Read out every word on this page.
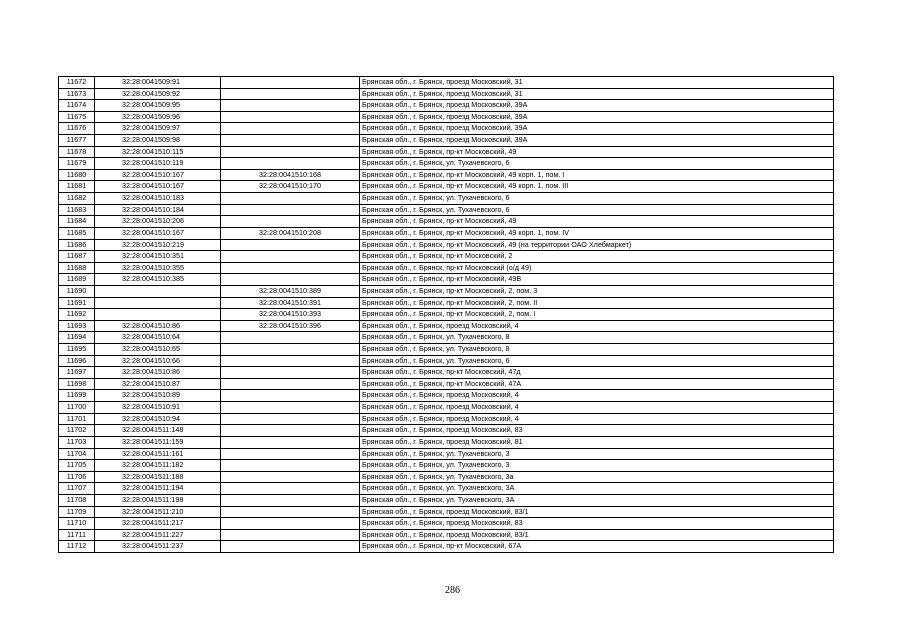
11672	32:28:0041509:91		Брянская обл., г. Брянск, проезд Московский, 31
11673	32:28:0041509:92		Брянская обл., г. Брянск, проезд Московский, 31
11674	32:28:0041509:95		Брянская обл., г. Брянск, проезд Московский, 39А
11675	32:28:0041509:96		Брянская обл., г. Брянск, проезд Московский, 39А
11676	32:28:0041509:97		Брянская обл., г. Брянск, проезд Московский, 39А
11677	32:28:0041509:98		Брянская обл., г. Брянск, проезд Московский, 39А
11678	32:28:0041510:115		Брянская обл., г. Брянск, пр-кт Московский, 49
11679	32:28:0041510:119		Брянская обл., г. Брянск, ул. Тухачевского, 6
11680	32:28:0041510:167	32:28:0041510:168	Брянская обл., г. Брянск, пр-кт Московский, 49 корп. 1, пом. I
11681	32:28:0041510:167	32:28:0041510:170	Брянская обл., г. Брянск, пр-кт Московский, 49 корп. 1, пом. III
11682	32:28:0041510:183		Брянская обл., г. Брянск, ул. Тухачевского, 6
11683	32:28:0041510:184		Брянская обл., г. Брянск, ул. Тухачевского, 6
11684	32:28:0041510:206		Брянская обл., г. Брянск, пр-кт Московский, 49
11685	32:28:0041510:167	32:28:0041510:208	Брянская обл., г. Брянск, пр-кт Московский, 49 корп. 1, пом. IV
11686	32:28:0041510:219		Брянская обл., г. Брянск, пр-кт Московский, 49 (на территории ОАО Хлебмаркет)
11687	32:28:0041510:351		Брянская обл., г. Брянск, пр-кт Московский, 2
11688	32:28:0041510:355		Брянская обл., г. Брянск, пр-кт Московский (о/д 49)
11689	32:28:0041510:385		Брянская обл., г. Брянск, пр-кт Московский, 49В
11690		32:28:0041510:389	Брянская обл., г. Брянск, пр-кт Московский, 2, пом. 3
11691		32:28:0041510:391	Брянская обл., г. Брянск, пр-кт Московский, 2, пом. II
11692		32:28:0041510:393	Брянская обл., г. Брянск, пр-кт Московский, 2, пом. I
11693	32:28:0041510:86	32:28:0041510:396	Брянская обл., г. Брянск, проезд Московский, 4
11694	32:28:0041510:64		Брянская обл., г. Брянск, ул. Тухачевского, 8
11695	32:28:0041510:65		Брянская обл., г. Брянск, ул. Тухачевского, 8
11696	32:28:0041510:66		Брянская обл., г. Брянск, ул. Тухачевского, 6
11697	32:28:0041510:86		Брянская обл., г. Брянск, пр-кт Московский, 47д
11698	32:28:0041510:87		Брянская обл., г. Брянск, пр-кт Московский, 47А
11699	32:28:0041510:89		Брянская обл., г. Брянск, проезд Московский, 4
11700	32:28:0041510:91		Брянская обл., г. Брянск, проезд Московский, 4
11701	32:28:0041510:94		Брянская обл., г. Брянск, проезд Московский, 4
11702	32:28:0041511:148		Брянская обл., г. Брянск, проезд Московский, 83
11703	32:28:0041511:159		Брянская обл., г. Брянск, проезд Московский, 81
11704	32:28:0041511:161		Брянская обл., г. Брянск, ул. Тухачевского, 3
11705	32:28:0041511:182		Брянская обл., г. Брянск, ул. Тухачевского, 3
11706	32:28:0041511:188		Брянская обл., г. Брянск, ул. Тухачевского, 3а
11707	32:28:0041511:194		Брянская обл., г. Брянск, ул. Тухачевского, 3А
11708	32:28:0041511:198		Брянская обл., г. Брянск, ул. Тухачевского, 3А
11709	32:28:0041511:210		Брянская обл., г. Брянск, проезд Московский, 83/1
11710	32:28:0041511:217		Брянская обл., г. Брянск, проезд Московский, 83
11711	32:28:0041511:227		Брянская обл., г. Брянск, проезд Московский, 83/1
11712	32:28:0041511:237		Брянская обл., г. Брянск, пр-кт Московский, 67А
286
